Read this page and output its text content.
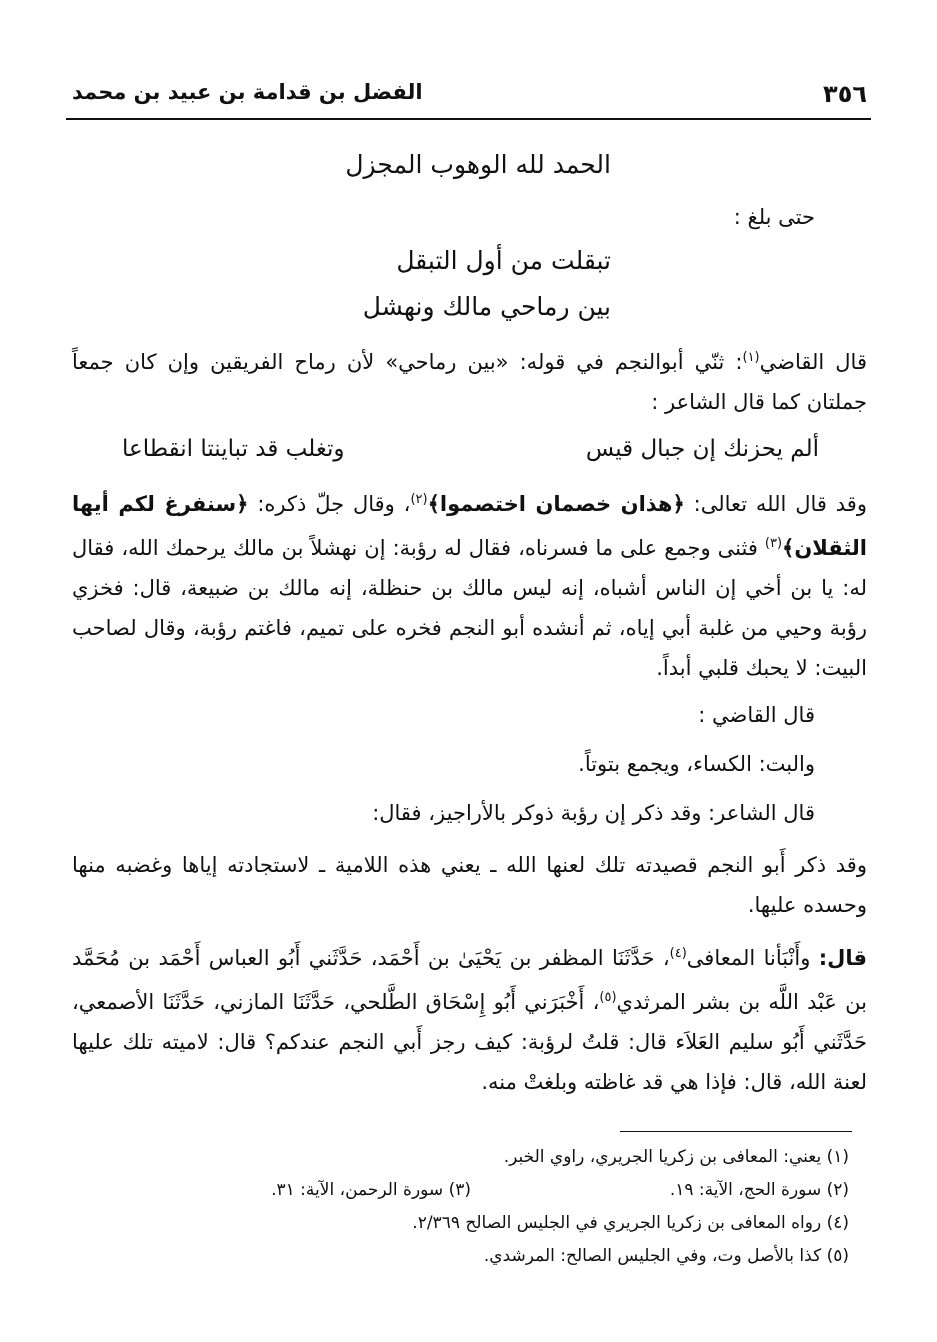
٣٥٦
الفضل بن قدامة بن عبيد بن محمد
الحمد لله الوهوب المجزل
حتى بلغ :
تبقلت من أول التبقل
بين رماحي مالك ونهشل
قال القاضي$^{(١)}$: ثنّي أبوالنجم في قوله: «بين رماحي» لأن رماح الفريقين وإن كان جمعاً جملتان كما قال الشاعر :
ألم يحزنك إن جبال قيس
وتغلب قد تباينتا انقطاعا
وقد قال الله تعالى: ﴿هذان خصمان اختصموا﴾$^{(٢)}$، وقال جلّ ذكره: ﴿سنفرغ لكم أيها الثقلان﴾$^{(٣)}$ فثنى وجمع على ما فسرناه، فقال له رؤبة: إن نهشلاً بن مالك يرحمك الله، فقال له: يا بن أخي إن الناس أشباه، إنه ليس مالك بن حنظلة، إنه مالك بن ضبيعة، قال: فخزي رؤبة وحيي من غلبة أبي إياه، ثم أنشده أبو النجم فخره على تميم، فاغتم رؤبة، وقال لصاحب البيت: لا يحبك قلبي أبداً.
قال القاضي :
والبت: الكساء، ويجمع بتوتاً.
قال الشاعر: وقد ذكر إن رؤبة ذوكر بالأراجيز، فقال:
وقد ذكر أَبو النجم قصيدته تلك لعنها الله ـ يعني هذه اللامية ـ لاستجادته إياها وغضبه منها وحسده عليها.
قال: وأَنْبَأنا المعافى$^{(٤)}$، حَدَّثَنَا المظفر بن يَحْيَىٰ بن أَحْمَد، حَدَّثَني أَبُو العباس أَحْمَد بن مُحَمَّد بن عَبْد اللَّه بن بشر المرثدي$^{(٥)}$، أَخْبَرَني أَبُو إِسْحَاق الطَّلحي، حَدَّثَنَا المازني، حَدَّثَنَا الأصمعي، حَدَّثَني أَبُو سليم العَلاَء قال: قلتُ لرؤبة: كيف رجز أَبي النجم عندكم؟ قال: لاميته تلك عليها لعنة الله، قال: فإذا هي قد غاظته وبلغتْ منه.
(١) يعني: المعافى بن زكريا الجريري، راوي الخبر.
(٢) سورة الحج، الآية: ١٩.
(٣) سورة الرحمن، الآية: ٣١.
(٤) رواه المعافى بن زكريا الجريري في الجليس الصالح ٢/٣٦٩.
(٥) كذا بالأصل وت، وفي الجليس الصالح: المرشدي.
